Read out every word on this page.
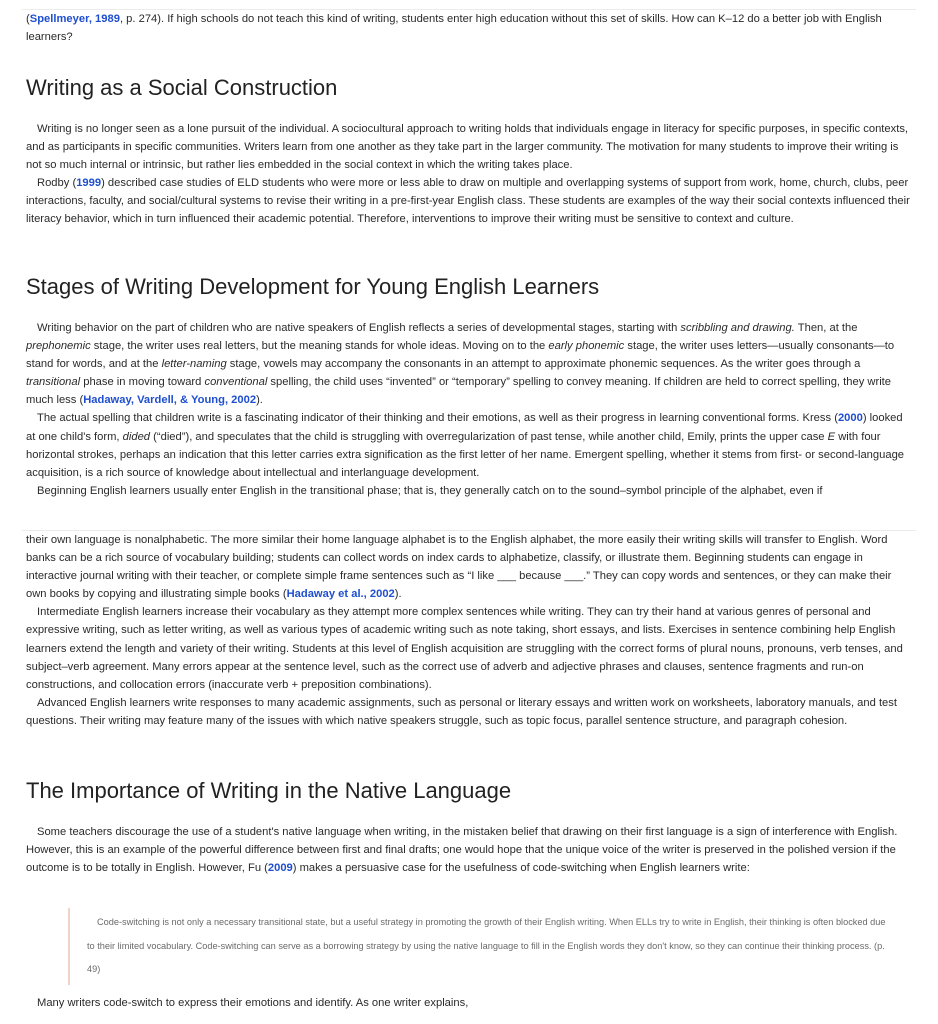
(Spellmeyer, 1989, p. 274). If high schools do not teach this kind of writing, students enter high education without this set of skills. How can K–12 do a better job with English learners?

Writing as a Social Construction

Writing is no longer seen as a lone pursuit of the individual. A sociocultural approach to writing holds that individuals engage in literacy for specific purposes, in specific contexts, and as participants in specific communities. Writers learn from one another as they take part in the larger community. The motivation for many students to improve their writing is not so much internal or intrinsic, but rather lies embedded in the social context in which the writing takes place.

Rodby (1999) described case studies of ELD students who were more or less able to draw on multiple and overlapping systems of support from work, home, church, clubs, peer interactions, faculty, and social/cultural systems to revise their writing in a pre-first-year English class. These students are examples of the way their social contexts influenced their literacy behavior, which in turn influenced their academic potential. Therefore, interventions to improve their writing must be sensitive to context and culture.

Stages of Writing Development for Young English Learners

Writing behavior on the part of children who are native speakers of English reflects a series of developmental stages, starting with scribbling and drawing. Then, at the prephonemic stage, the writer uses real letters, but the meaning stands for whole ideas. Moving on to the early phonemic stage, the writer uses letters—usually consonants—to stand for words, and at the letter-naming stage, vowels may accompany the consonants in an attempt to approximate phonemic sequences. As the writer goes through a transitional phase in moving toward conventional spelling, the child uses “invented” or “temporary” spelling to convey meaning. If children are held to correct spelling, they write much less (Hadaway, Vardell, & Young, 2002).

The actual spelling that children write is a fascinating indicator of their thinking and their emotions, as well as their progress in learning conventional forms. Kress (2000) looked at one child's form, dided (“died”), and speculates that the child is struggling with overregularization of past tense, while another child, Emily, prints the upper case E with four horizontal strokes, perhaps an indication that this letter carries extra signification as the first letter of her name. Emergent spelling, whether it stems from first- or second-language acquisition, is a rich source of knowledge about intellectual and interlanguage development.

Beginning English learners usually enter English in the transitional phase; that is, they generally catch on to the sound–symbol principle of the alphabet, even if

their own language is nonalphabetic. The more similar their home language alphabet is to the English alphabet, the more easily their writing skills will transfer to English. Word banks can be a rich source of vocabulary building; students can collect words on index cards to alphabetize, classify, or illustrate them. Beginning students can engage in interactive journal writing with their teacher, or complete simple frame sentences such as “I like ___ because ___.” They can copy words and sentences, or they can make their own books by copying and illustrating simple books (Hadaway et al., 2002).

Intermediate English learners increase their vocabulary as they attempt more complex sentences while writing. They can try their hand at various genres of personal and expressive writing, such as letter writing, as well as various types of academic writing such as note taking, short essays, and lists. Exercises in sentence combining help English learners extend the length and variety of their writing. Students at this level of English acquisition are struggling with the correct forms of plural nouns, pronouns, verb tenses, and subject–verb agreement. Many errors appear at the sentence level, such as the correct use of adverb and adjective phrases and clauses, sentence fragments and run-on constructions, and collocation errors (inaccurate verb + preposition combinations).

Advanced English learners write responses to many academic assignments, such as personal or literary essays and written work on worksheets, laboratory manuals, and test questions. Their writing may feature many of the issues with which native speakers struggle, such as topic focus, parallel sentence structure, and paragraph cohesion.

The Importance of Writing in the Native Language

Some teachers discourage the use of a student's native language when writing, in the mistaken belief that drawing on their first language is a sign of interference with English. However, this is an example of the powerful difference between first and final drafts; one would hope that the unique voice of the writer is preserved in the polished version if the outcome is to be totally in English. However, Fu (2009) makes a persuasive case for the usefulness of code-switching when English learners write:

Code-switching is not only a necessary transitional state, but a useful strategy in promoting the growth of their English writing. When ELLs try to write in English, their thinking is often blocked due to their limited vocabulary. Code-switching can serve as a borrowing strategy by using the native language to fill in the English words they don't know, so they can continue their thinking process. (p. 49)

Many writers code-switch to express their emotions and identify. As one writer explains,
